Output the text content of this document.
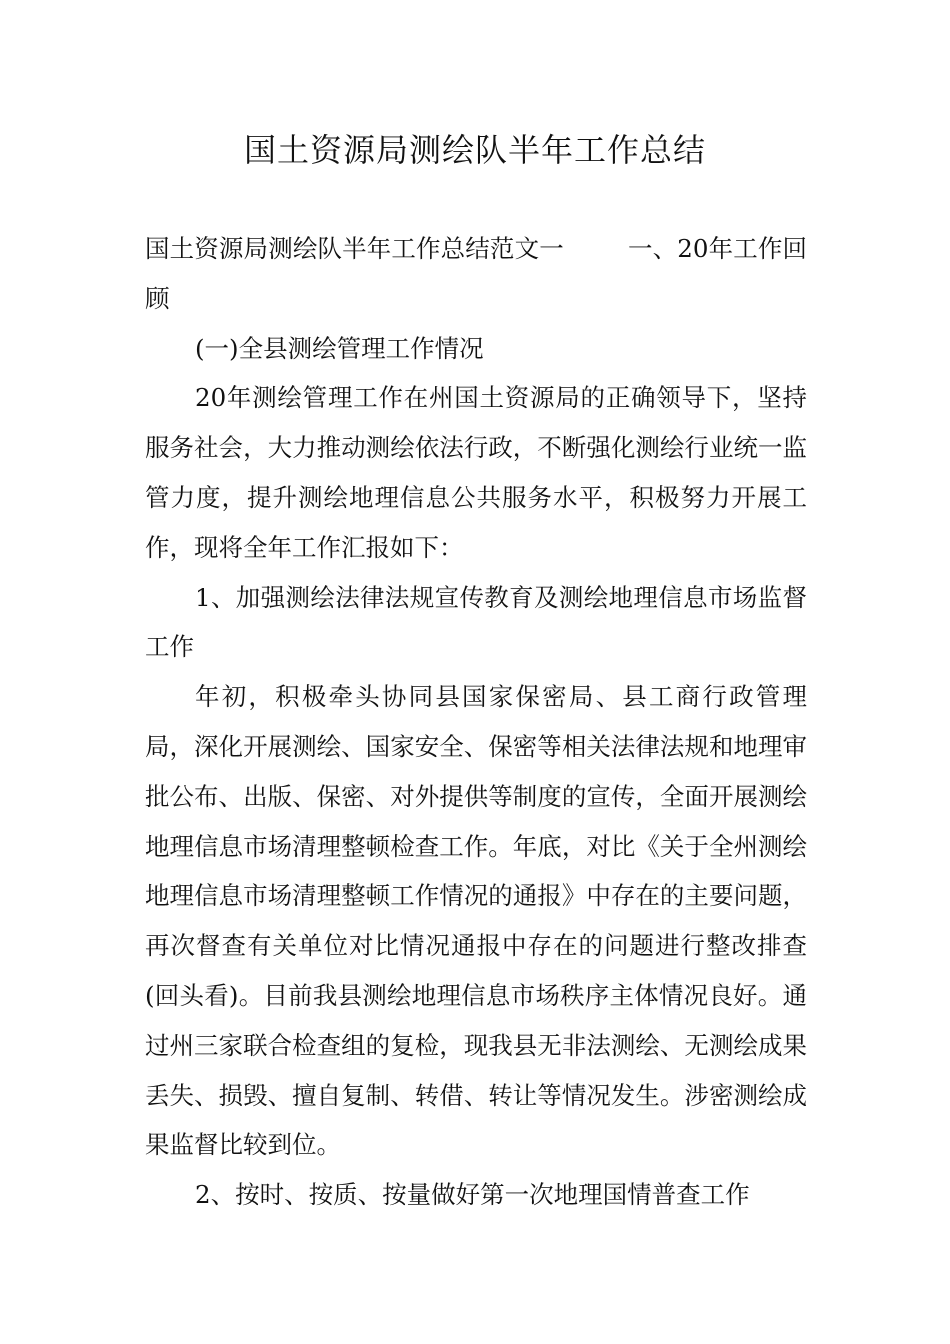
国土资源局测绘队半年工作总结

国土资源局测绘队半年工作总结范文一	一、20年工作回顾

(一)全县测绘管理工作情况

20年测绘管理工作在州国土资源局的正确领导下，坚持服务社会，大力推动测绘依法行政，不断强化测绘行业统一监管力度，提升测绘地理信息公共服务水平，积极努力开展工作，现将全年工作汇报如下：

1、加强测绘法律法规宣传教育及测绘地理信息市场监督工作

年初，积极牵头协同县国家保密局、县工商行政管理局，深化开展测绘、国家安全、保密等相关法律法规和地理审批公布、出版、保密、对外提供等制度的宣传，全面开展测绘地理信息市场清理整顿检查工作。年底，对比《关于全州测绘地理信息市场清理整顿工作情况的通报》中存在的主要问题，再次督查有关单位对比情况通报中存在的问题进行整改排查(回头看)。目前我县测绘地理信息市场秩序主体情况良好。通过州三家联合检查组的复检，现我县无非法测绘、无测绘成果丢失、损毁、擅自复制、转借、转让等情况发生。涉密测绘成果监督比较到位。

2、按时、按质、按量做好第一次地理国情普查工作
